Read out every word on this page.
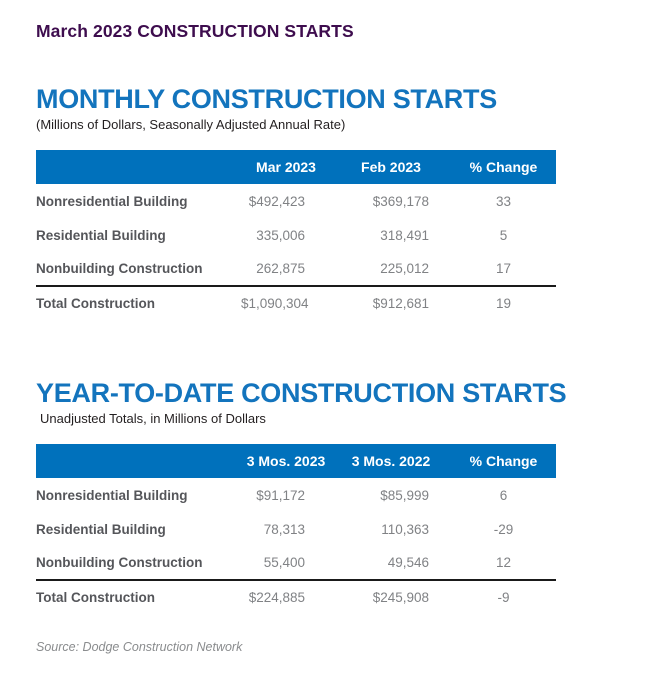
March 2023 CONSTRUCTION STARTS
MONTHLY CONSTRUCTION STARTS

(Millions of Dollars, Seasonally Adjusted Annual Rate)

	Mar 2023	Feb 2023	% Change
Nonresidential Building	$492,423	$369,178	33
Residential Building	335,006	318,491	5
Nonbuilding Construction	262,875	225,012	17
Total Construction	$1,090,304	$912,681	19
YEAR-TO-DATE CONSTRUCTION STARTS

Unadjusted Totals, in Millions of Dollars

	3 Mos. 2023	3 Mos. 2022	% Change
Nonresidential Building	$91,172	$85,999	6
Residential Building	78,313	110,363	-29
Nonbuilding Construction	55,400	49,546	12
Total Construction	$224,885	$245,908	-9

Source: Dodge Construction Network
